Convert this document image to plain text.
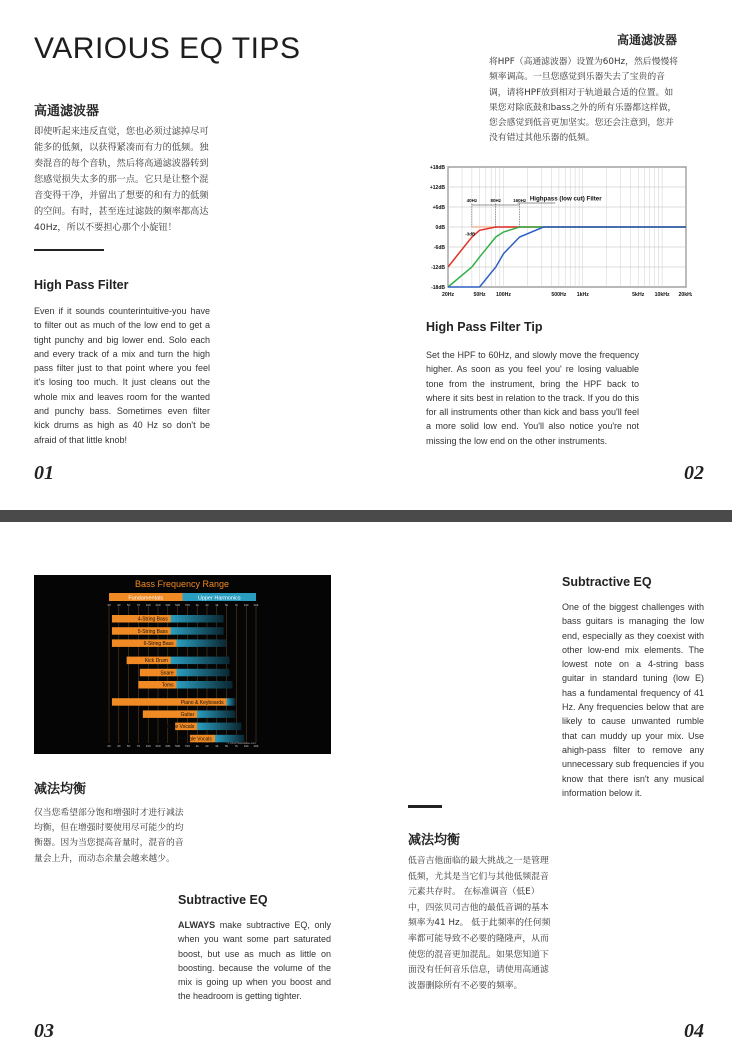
VARIOUS EQ TIPS
高通滤波器
即使听起来违反直觉，您也必须过滤掉尽可能多的低频，以获得紧凑而有力的低频。独奏混音的每个音轨，然后将高通滤波器转到您感觉损失太多的那一点。它只是让整个混音变得干净，并留出了想要的和有力的低频的空间。有时，甚至连过滤鼓的频率都高达40Hz，所以不要担心那个小旋钮！
High Pass Filter
Even if it sounds counterintuitive-you have to filter out as much of the low end to get a tight punchy and big lower end. Solo each and every track of a mix and turn the high pass filter just to that point where you feel it's losing too much. It just cleans out the whole mix and leaves room for the wanted and punchy bass. Sometimes even filter kick drums as high as 40 Hz so don't be afraid of that little knob!
01
高通滤波器
将HPF（高通滤波器）设置为60Hz，然后慢慢将频率调高。一旦您感觉到乐器失去了宝贵的音调，请将HPF放到相对于轨道最合适的位置。如果您对除底鼓和bass之外的所有乐器都这样做，您会感觉到低音更加坚实。您还会注意到，您并没有错过其他乐器的低频。
+18dB
+12dB
+6dB
0dB
-6dB
-12dB
-18dB
20Hz	50Hz 100Hz	500Hz 1kHz	5kHz 10kHz 20kHz
40Hz	80Hz	160Hz
-3dB
Highpass (low cut) Filter
High Pass Filter Tip
Set the HPF to 60Hz, and slowly move the frequency higher. As soon as you feel you' re losing valuable tone from the instrument, bring the HPF back to where it sits best in relation to the track. If you do this for all instruments other than kick and bass you'll feel a more solid low end. You'll also notice you're not missing the low end on the other instruments.
02
Bass Frequency Range
Fundamentals	Upper Harmonics
20
20
30
30
50
50
70
70
100
100
200
200
300
300
500
500
700
700
1k
1k
2k
2k
3k
3k
5k
5k
7k
7k
10k
10k
20k
20k
4-String Bass
5-String Bass
6-String Bass
Kick Drum
Snare
Toms
Piano & Keyboards
Guitar
Male Vocals
Female Vocals
© 2013 Ibassbase.com
减法均衡
仅当您希望部分饱和增强时才进行减法均衡，但在增强时要使用尽可能少的均衡器。因为当您提高音量时，混音的音量会上升，而动态余量会越来越少。
Subtractive EQ
ALWAYS make subtractive EQ, only when you want some part saturated boost, but use as much as little on boosting. because the volume of the mix is going up when you boost and the headroom is getting tighter.
03
Subtractive EQ
One of the biggest challenges with bass guitars is managing the low end, especially as they coexist with other low-end mix elements. The lowest note on a 4-string bass guitar in standard tuning (low E) has a fundamental frequency of 41 Hz. Any frequencies below that are likely to cause unwanted rumble that can muddy up your mix. Use ahigh-pass filter to remove any unnecessary sub frequencies if you know that there isn't any musical information below it.
减法均衡
低音吉他面临的最大挑战之一是管理低频，尤其是当它们与其他低频混音元素共存时。 在标准调音（低E）中，四弦贝司吉他的最低音调的基本频率为41 Hz。 低于此频率的任何频率都可能导致不必要的隆隆声，从而使您的混音更加混乱。如果您知道下面没有任何音乐信息，请使用高通滤波器删除所有不必要的频率。
04
